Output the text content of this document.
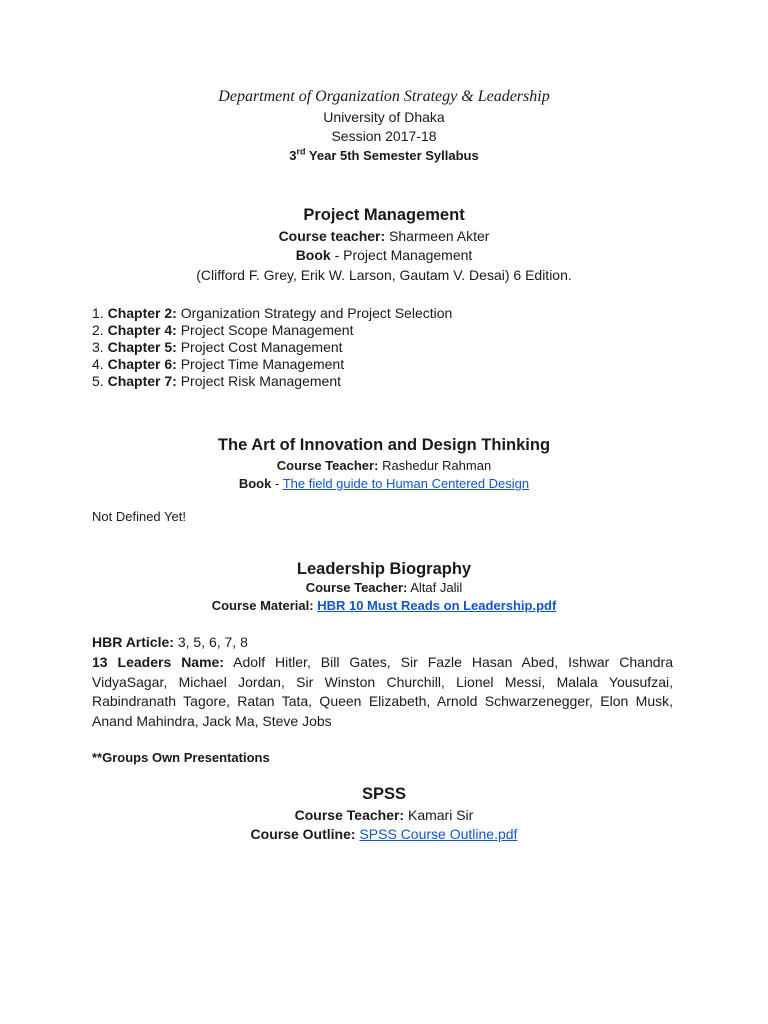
Department of Organization Strategy & Leadership
University of Dhaka
Session 2017-18
3rd Year 5th Semester Syllabus
Project Management
Course teacher: Sharmeen Akter
Book - Project Management
(Clifford F. Grey, Erik W. Larson, Gautam V. Desai) 6 Edition.
1. Chapter 2: Organization Strategy and Project Selection
2. Chapter 4: Project Scope Management
3. Chapter 5: Project Cost Management
4. Chapter 6: Project Time Management
5. Chapter 7: Project Risk Management
The Art of Innovation and Design Thinking
Course Teacher: Rashedur Rahman
Book - The field guide to Human Centered Design
Not Defined Yet!
Leadership Biography
Course Teacher: Altaf Jalil
Course Material: HBR 10 Must Reads on Leadership.pdf
HBR Article: 3, 5, 6, 7, 8
13 Leaders Name: Adolf Hitler, Bill Gates, Sir Fazle Hasan Abed, Ishwar Chandra VidyaSagar, Michael Jordan, Sir Winston Churchill, Lionel Messi, Malala Yousufzai, Rabindranath Tagore, Ratan Tata, Queen Elizabeth, Arnold Schwarzenegger, Elon Musk, Anand Mahindra, Jack Ma, Steve Jobs
**Groups Own Presentations
SPSS
Course Teacher: Kamari Sir
Course Outline: SPSS Course Outline.pdf
